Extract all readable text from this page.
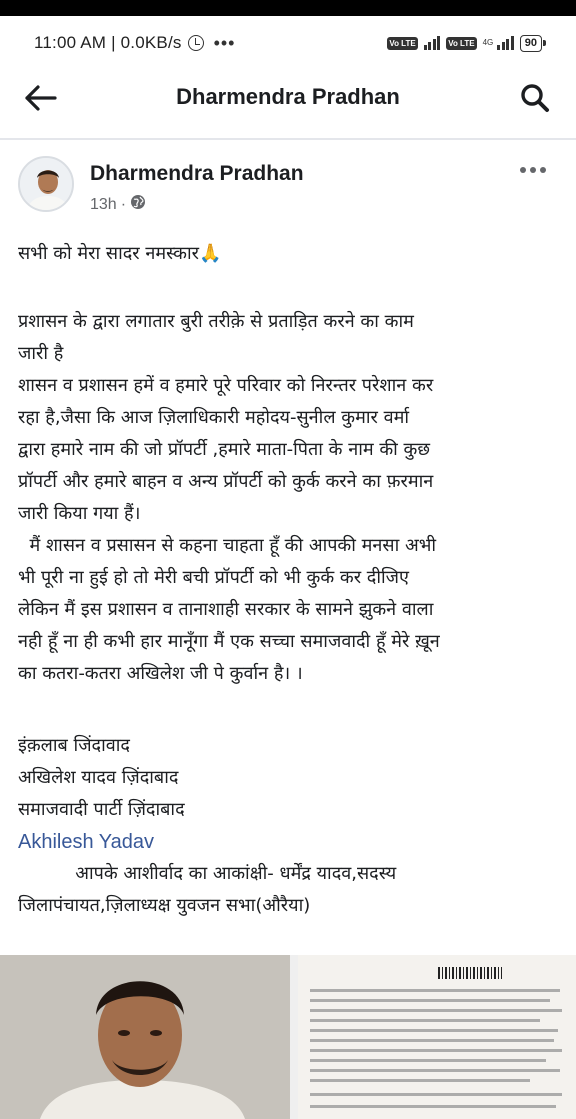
11:00 AM | 0.0KB/s •••	Vo LTE	Vo LTE 4G	90
Dharmendra Pradhan
Dharmendra Pradhan
13h ·

सभी को मेरा सादर नमस्कार🙏

प्रशासन के द्वारा लगातार बुरी तरीक़े से प्रताड़ित करने का काम

जारी है

शासन व प्रशासन हमें व हमारे पूरे परिवार को निरन्तर परेशान कर

रहा है,जैसा कि आज ज़िलाधिकारी महोदय-सुनील कुमार वर्मा

द्वारा हमारे नाम की जो प्रॉपर्टी ,हमारे माता-पिता के नाम की कुछ

प्रॉपर्टी और हमारे बाहन व अन्य प्रॉपर्टी को कुर्क करने का फ़रमान

जारी किया गया हैं।

मैं शासन व प्रसासन से कहना चाहता हूँ की आपकी मनसा अभी

भी पूरी ना हुई हो तो मेरी बची प्रॉपर्टी को भी कुर्क कर दीजिए

लेकिन मैं इस प्रशासन व तानाशाही सरकार के सामने झुकने वाला

नही हूँ ना ही कभी हार मानूँगा मैं एक सच्चा समाजवादी हूँ मेरे ख़ून

का कतरा-कतरा अखिलेश जी पे कुर्वान है। ।

इंक़लाब जिंदावाद

अखिलेश यादव ज़िंदाबाद

समाजवादी पार्टी ज़िंदाबाद

Akhilesh Yadav

आपके आशीर्वाद का आकांक्षी- धर्मेंद्र यादव,सदस्य

जिलापंचायत,ज़िलाध्यक्ष युवजन सभा(औरैया)
